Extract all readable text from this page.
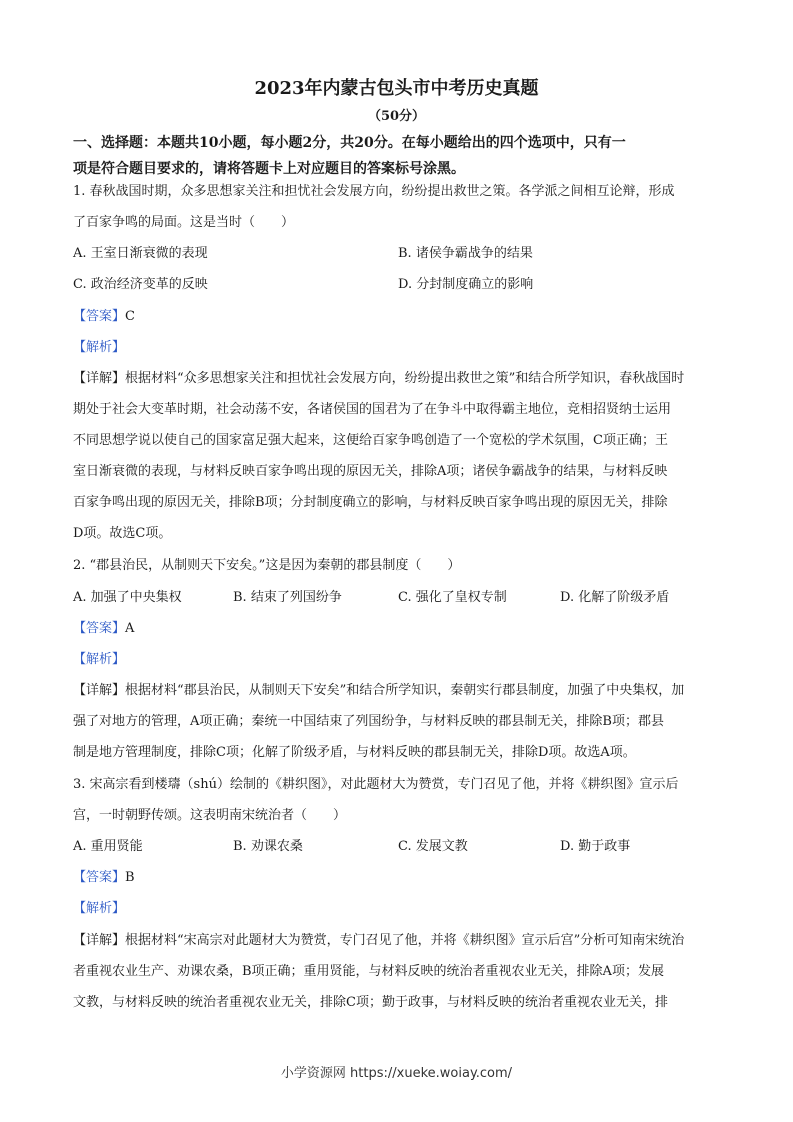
2023年内蒙古包头市中考历史真题
（50分）
一、选择题：本题共10小题，每小题2分，共20分。在每小题给出的四个选项中，只有一
项是符合题目要求的，请将答题卡上对应题目的答案标号涂黑。
1. 春秋战国时期，众多思想家关注和担忧社会发展方向，纷纷提出救世之策。各学派之间相互论辩，形成
了百家争鸣的局面。这是当时（　　）
A. 王室日渐衰微的表现	B. 诸侯争霸战争的结果
C. 政治经济变革的反映	D. 分封制度确立的影响
【答案】C
【解析】
【详解】根据材料“众多思想家关注和担忧社会发展方向，纷纷提出救世之策”和结合所学知识，春秋战国时
期处于社会大变革时期，社会动荡不安，各诸侯国的国君为了在争斗中取得霸主地位，竞相招贤纳士运用
不同思想学说以使自己的国家富足强大起来，这便给百家争鸣创造了一个宽松的学术氛围，C项正确；王
室日渐衰微的表现，与材料反映百家争鸣出现的原因无关，排除A项；诸侯争霸战争的结果，与材料反映
百家争鸣出现的原因无关，排除B项；分封制度确立的影响，与材料反映百家争鸣出现的原因无关，排除
D项。故选C项。
2. “郡县治民，从制则天下安矣。”这是因为秦朝的郡县制度（　　）
A. 加强了中央集权	B. 结束了列国纷争	C. 强化了皇权专制	D. 化解了阶级矛盾
【答案】A
【解析】
【详解】根据材料“郡县治民，从制则天下安矣”和结合所学知识，秦朝实行郡县制度，加强了中央集权，加
强了对地方的管理，A项正确；秦统一中国结束了列国纷争，与材料反映的郡县制无关，排除B项；郡县
制是地方管理制度，排除C项；化解了阶级矛盾，与材料反映的郡县制无关，排除D项。故选A项。
3. 宋高宗看到楼璹（shú）绘制的《耕织图》，对此题材大为赞赏，专门召见了他，并将《耕织图》宣示后
宫，一时朝野传颂。这表明南宋统治者（　　）
A. 重用贤能	B. 劝课农桑	C. 发展文教	D. 勤于政事
【答案】B
【解析】
【详解】根据材料“宋高宗对此题材大为赞赏，专门召见了他，并将《耕织图》宣示后宫”分析可知南宋统治
者重视农业生产、劝课农桑，B项正确；重用贤能，与材料反映的统治者重视农业无关，排除A项；发展
文教，与材料反映的统治者重视农业无关，排除C项；勤于政事，与材料反映的统治者重视农业无关，排
小学资源网 https://xueke.woiay.com/
